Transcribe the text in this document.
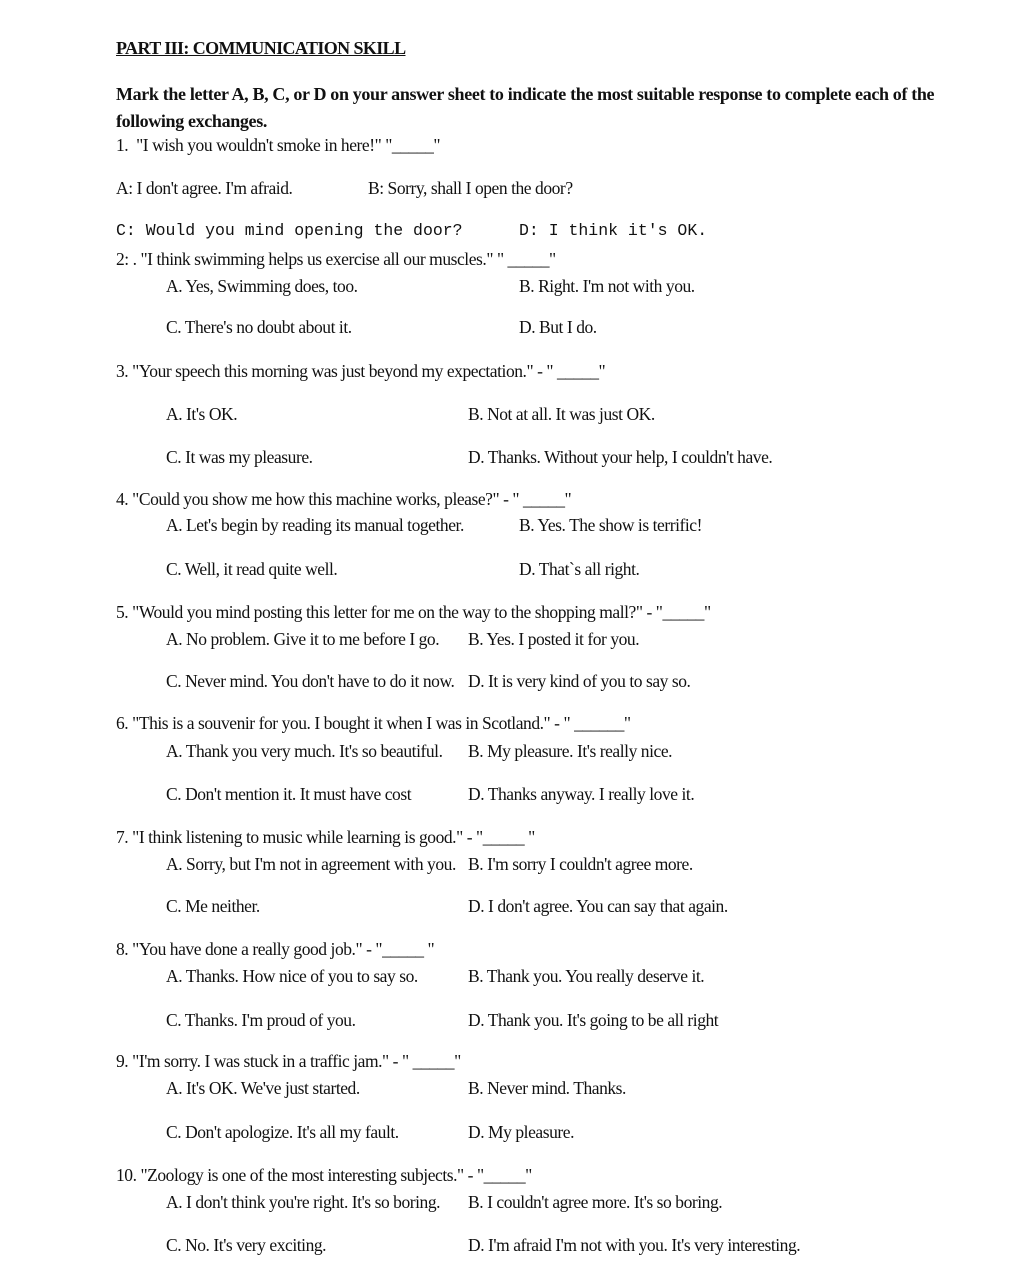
PART III: COMMUNICATION SKILL
Mark the letter A, B, C, or D on your answer sheet to indicate the most suitable response to complete each of the following exchanges.
1.  "I wish you wouldn't smoke in here!" "_____"
A: I don't agree. I'm afraid.	B: Sorry, shall I open the door?
C: Would you mind opening the door?	D: I think it's OK.
2: . "I think swimming helps us exercise all our muscles." " _____"
A. Yes, Swimming does, too.	B. Right. I'm not with you.
C. There's no doubt about it.	D. But I do.
3. "Your speech this morning was just beyond my expectation." - " _____"
A. It's OK.	B. Not at all. It was just OK.
C. It was my pleasure.	D. Thanks. Without your help, I couldn't have.
4. "Could you show me how this machine works, please?" - " _____"
A. Let's begin by reading its manual together.	B. Yes. The show is terrific!
C. Well, it read quite well.	D. That`s all right.
5. "Would you mind posting this letter for me on the way to the shopping mall?" - "_____"
A. No problem. Give it to me before I go. B. Yes. I posted it for you.
C. Never mind. You don't have to do it now. D. It is very kind of you to say so.
6. "This is a souvenir for you. I bought it when I was in Scotland." - " ______"
A. Thank you very much. It's so beautiful. B. My pleasure. It's really nice.
C. Don't mention it. It must have cost	D. Thanks anyway. I really love it.
7. "I think listening to music while learning is good." - "_____ "
A. Sorry, but I'm not in agreement with you. B. I'm sorry I couldn't agree more.
C. Me neither.	D. I don't agree. You can say that again.
8. "You have done a really good job." - "_____ "
A. Thanks. How nice of you to say so.	B. Thank you. You really deserve it.
C. Thanks. I'm proud of you.	D. Thank you. It's going to be all right
9. "I'm sorry. I was stuck in a traffic jam." - " _____"
A. It's OK. We've just started.	B. Never mind. Thanks.
C. Don't apologize. It's all my fault.	D. My pleasure.
10. "Zoology is one of the most interesting subjects." - "_____"
A. I don't think you're right. It's so boring. B. I couldn't agree more. It's so boring.
C. No. It's very exciting.	D. I'm afraid I'm not with you. It's very interesting.
